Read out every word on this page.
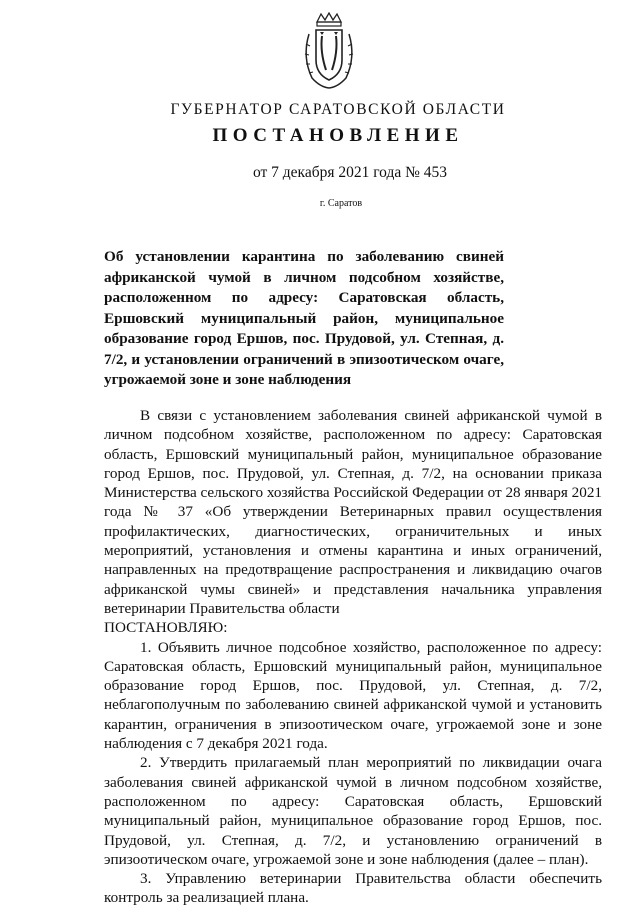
ГУБЕРНАТОР САРАТОВСКОЙ ОБЛАСТИ
ПОСТАНОВЛЕНИЕ
от 7 декабря 2021 года № 453
г. Саратов
Об установлении карантина по заболеванию свиней африканской чумой в личном подсобном хозяйстве, расположенном по адресу: Саратовская область, Ершовский муниципальный район, муниципальное образование город Ершов, пос. Прудовой, ул. Степная, д. 7/2, и установлении ограничений в эпизоотическом очаге, угрожаемой зоне и зоне наблюдения

В связи с установлением заболевания свиней африканской чумой в личном подсобном хозяйстве, расположенном по адресу: Саратовская область, Ершовский муниципальный район, муниципальное образование город Ершов, пос. Прудовой, ул. Степная, д. 7/2, на основании приказа Министерства сельского хозяйства Российской Федерации от 28 января 2021 года № 37 «Об утверждении Ветеринарных правил осуществления профилактических, диагностических, ограничительных и иных мероприятий, установления и отмены карантина и иных ограничений, направленных на предотвращение распространения и ликвидацию очагов африканской чумы свиней» и представления начальника управления ветеринарии Правительства области

ПОСТАНОВЛЯЮ:

1. Объявить личное подсобное хозяйство, расположенное по адресу: Саратовская область, Ершовский муниципальный район, муниципальное образование город Ершов, пос. Прудовой, ул. Степная, д. 7/2, неблагополучным по заболеванию свиней африканской чумой и установить карантин, ограничения в эпизоотическом очаге, угрожаемой зоне и зоне наблюдения с 7 декабря 2021 года.

2. Утвердить прилагаемый план мероприятий по ликвидации очага заболевания свиней африканской чумой в личном подсобном хозяйстве, расположенном по адресу: Саратовская область, Ершовский муниципальный район, муниципальное образование город Ершов, пос. Прудовой, ул. Степная, д. 7/2, и установлению ограничений в эпизоотическом очаге, угрожаемой зоне и зоне наблюдения (далее – план).

3. Управлению ветеринарии Правительства области обеспечить контроль за реализацией плана.
